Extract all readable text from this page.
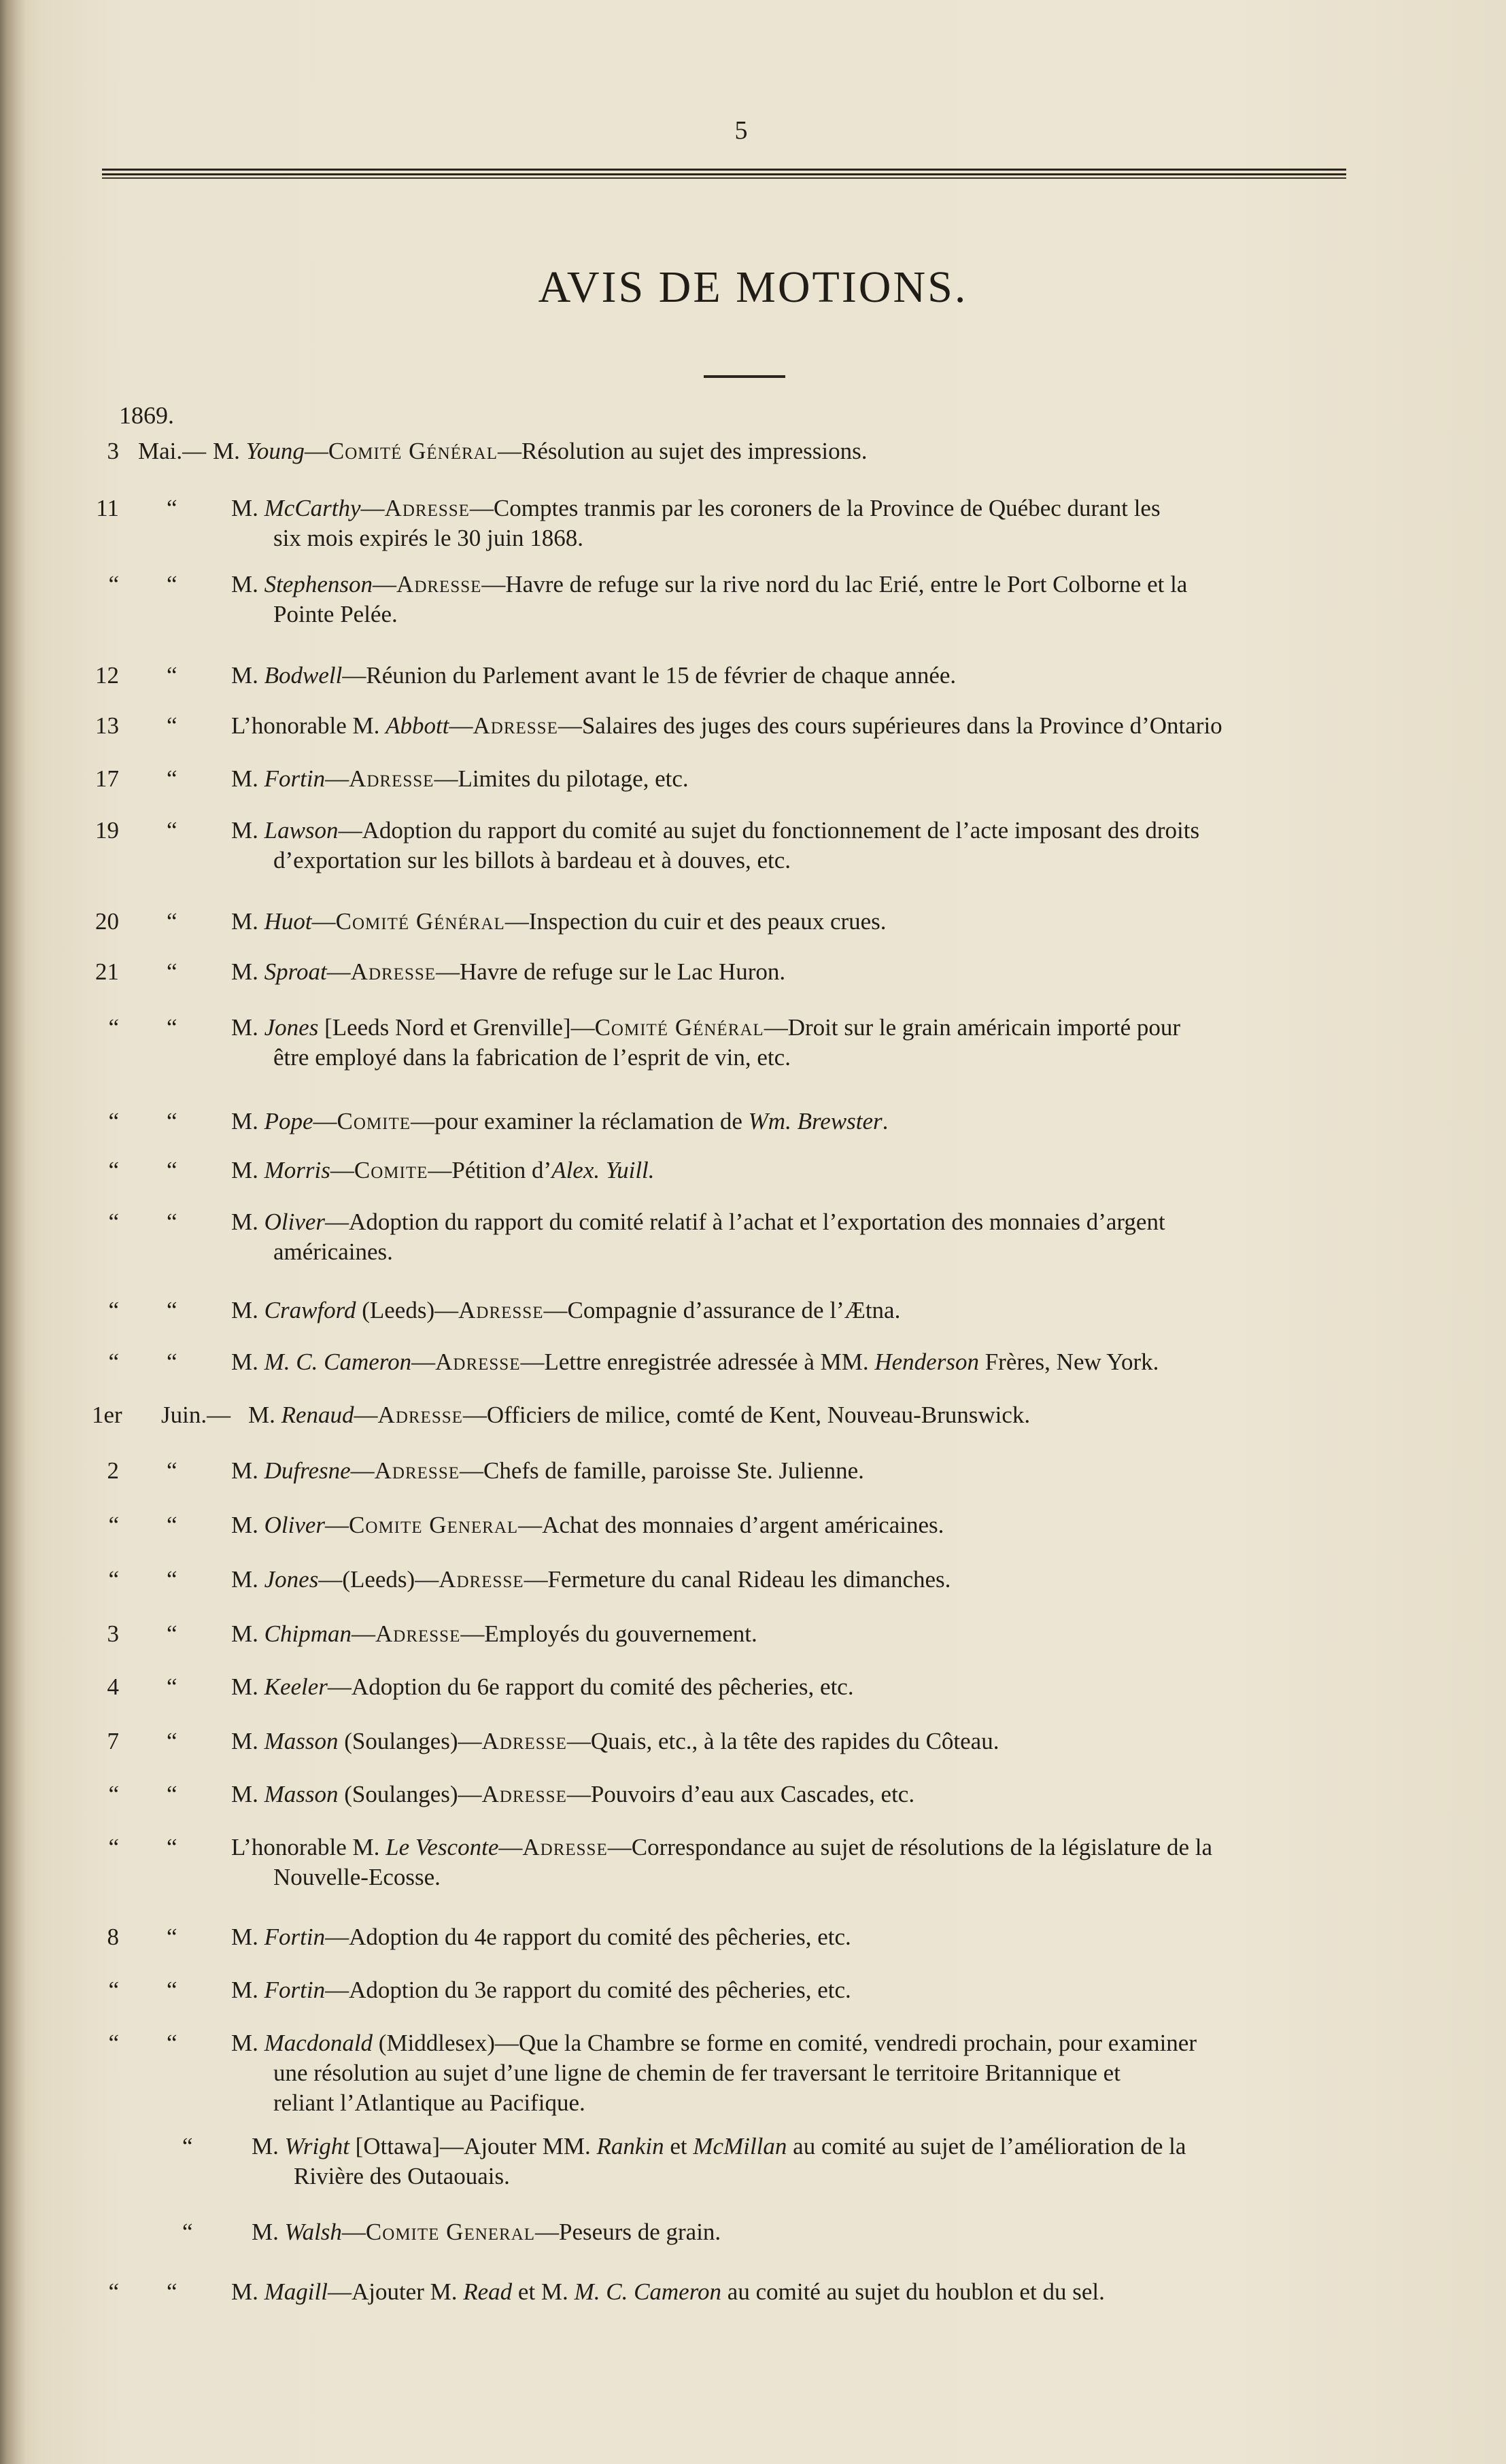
5
AVIS DE MOTIONS.
1869.
3 Mai.— M. Young—Comité Général—Résolution au sujet des impressions.
11 “ M. McCarthy—Adresse—Comptes tranmis par les coroners de la Province de Québec durant les
six mois expirés le 30 juin 1868.
“ “ M. Stephenson—Adresse—Havre de refuge sur la rive nord du lac Erié, entre le Port Colborne et la
Pointe Pelée.
12 “ M. Bodwell—Réunion du Parlement avant le 15 de février de chaque année.
13 “ L’honorable M. Abbott—Adresse—Salaires des juges des cours supérieures dans la Province d’Ontario
17 “ M. Fortin—Adresse—Limites du pilotage, etc.
19 “ M. Lawson—Adoption du rapport du comité au sujet du fonctionnement de l’acte imposant des droits
d’exportation sur les billots à bardeau et à douves, etc.
20 “ M. Huot—Comité Général—Inspection du cuir et des peaux crues.
21 “ M. Sproat—Adresse—Havre de refuge sur le Lac Huron.
“ “ M. Jones [Leeds Nord et Grenville]—Comité Général—Droit sur le grain américain importé pour
être employé dans la fabrication de l’esprit de vin, etc.
“ “ M. Pope—Comite—pour examiner la réclamation de Wm. Brewster.
“ “ M. Morris—Comite—Pétition d’Alex. Yuill.
“ “ M. Oliver—Adoption du rapport du comité relatif à l’achat et l’exportation des monnaies d’argent
américaines.
“ “ M. Crawford (Leeds)—Adresse—Compagnie d’assurance de l’Ætna.
“ “ M. M. C. Cameron—Adresse—Lettre enregistrée adressée à MM. Henderson Frères, New York.
1er Juin.— M. Renaud—Adresse—Officiers de milice, comté de Kent, Nouveau-Brunswick.
2 “ M. Dufresne—Adresse—Chefs de famille, paroisse Ste. Julienne.
“ “ M. Oliver—Comite General—Achat des monnaies d’argent américaines.
“ “ M. Jones—(Leeds)—Adresse—Fermeture du canal Rideau les dimanches.
3 “ M. Chipman—Adresse—Employés du gouvernement.
4 “ M. Keeler—Adoption du 6e rapport du comité des pêcheries, etc.
7 “ M. Masson (Soulanges)—Adresse—Quais, etc., à la tête des rapides du Côteau.
“ “ M. Masson (Soulanges)—Adresse—Pouvoirs d’eau aux Cascades, etc.
“ “ L’honorable M. Le Vesconte—Adresse—Correspondance au sujet de résolutions de la législature de la
Nouvelle-Ecosse.
8 “ M. Fortin—Adoption du 4e rapport du comité des pêcheries, etc.
“ “ M. Fortin—Adoption du 3e rapport du comité des pêcheries, etc.
“ “ M. Macdonald (Middlesex)—Que la Chambre se forme en comité, vendredi prochain, pour examiner
une résolution au sujet d’une ligne de chemin de fer traversant le territoire Britannique et
reliant l’Atlantique au Pacifique.
“ M. Wright [Ottawa]—Ajouter MM. Rankin et McMillan au comité au sujet de l’amélioration de la
Rivière des Outaouais.
“ M. Walsh—Comite General—Peseurs de grain.
“ “ M. Magill—Ajouter M. Read et M. M. C. Cameron au comité au sujet du houblon et du sel.
